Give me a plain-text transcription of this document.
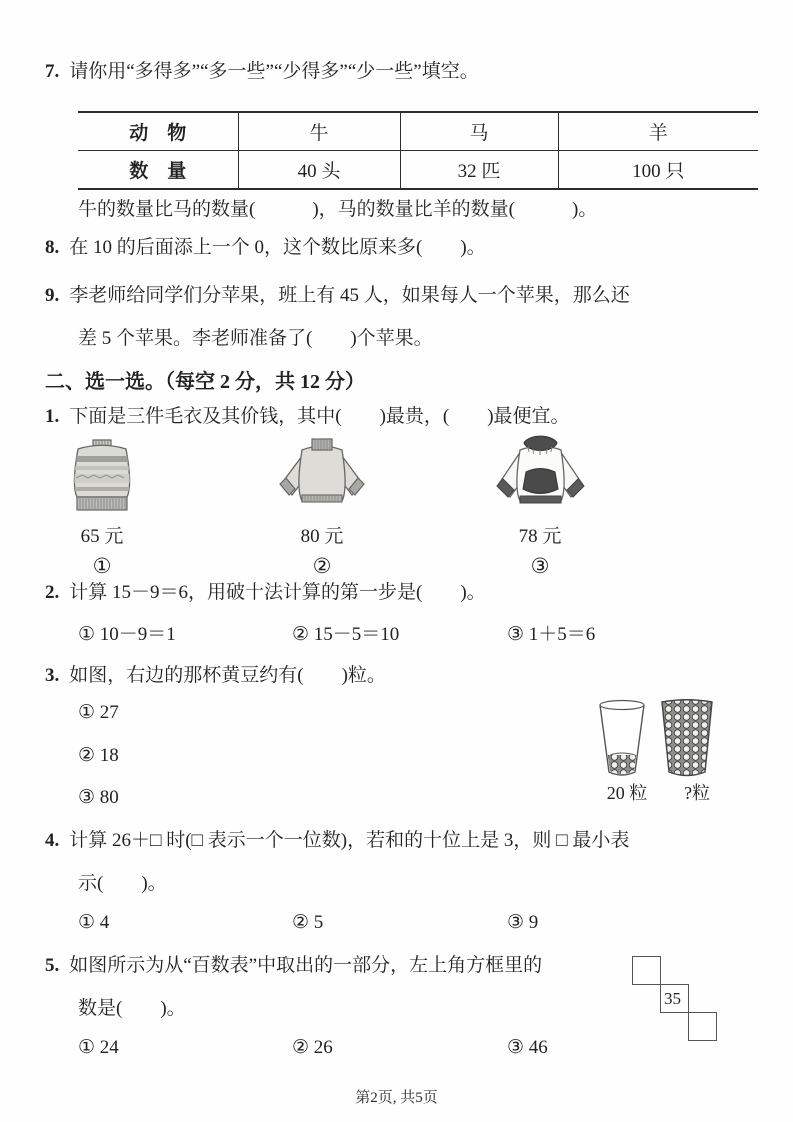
7. 请你用“多得多”“多一些”“少得多”“少一些”填空。
动　物	牛	马	羊
数　量	40 头	32 匹	100 只
牛的数量比马的数量(　　　)，马的数量比羊的数量(　　　)。
8. 在 10 的后面添上一个 0，这个数比原来多(　　)。
9. 李老师给同学们分苹果，班上有 45 人，如果每人一个苹果，那么还
差 5 个苹果。李老师准备了(　　)个苹果。
二、选一选。（每空 2 分，共 12 分）
1. 下面是三件毛衣及其价钱，其中(　　)最贵，(　　)最便宜。
65 元
①
80 元
②
78 元
③
2. 计算 15－9＝6，用破十法计算的第一步是(　　)。
① 10－9＝1	② 15－5＝10	③ 1＋5＝6
3. 如图，右边的那杯黄豆约有(　　)粒。
① 27
② 18
③ 80	20 粒	?粒
4. 计算 26＋□ 时(□ 表示一个一位数)，若和的十位上是 3，则 □ 最小表
示(　　)。
① 4	② 5	③ 9
5. 如图所示为从“百数表”中取出的一部分，左上角方框里的
数是(　　)。
① 24	② 26	③ 46
35
第2页, 共5页
